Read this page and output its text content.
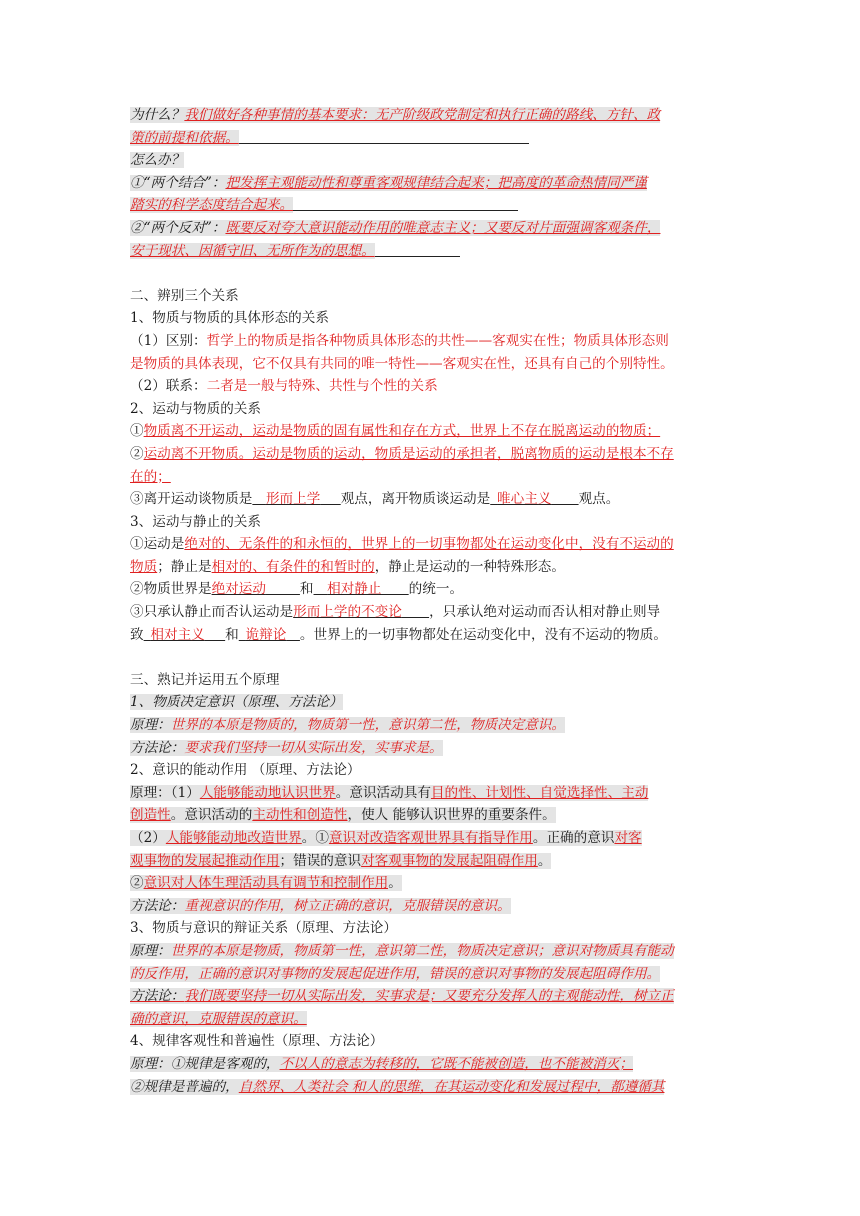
为什么？我们做好各种事情的基本要求：无产阶级政党制定和执行正确的路线、方针、政
策的前提和依据。
怎么办？
①“两个结合”：把发挥主观能动性和尊重客观规律结合起来；把高度的革命热情同严谨
踏实的科学态度结合起来。
②“两个反对”：既要反对夸大意识能动作用的唯意志主义；又要反对片面强调客观条件，
安于现状、因循守旧、无所作为的思想。
二、辨别三个关系
1、物质与物质的具体形态的关系
（1）区别：哲学上的物质是指各种物质具体形态的共性——客观实在性；物质具体形态则
是物质的具体表现，它不仅具有共同的唯一特性——客观实在性，还具有自己的个别特性。
（2）联系：二者是一般与特殊、共性与个性的关系
2、运动与物质的关系
①物质离不开运动，运动是物质的固有属性和存在方式，世界上不存在脱离运动的物质；
②运动离不开物质。运动是物质的运动，物质是运动的承担者，脱离物质的运动是根本不存
在的；
③离开运动谈物质是  形而上学   观点，离开物质谈运动是  唯心主义   观点。
3、运动与静止的关系
①运动是绝对的、无条件的和永恒的，世界上的一切事物都处在运动变化中，没有不运动的
物质；静止是相对的、有条件的和暂时的，静止是运动的一种特殊形态。
②物质世界是绝对运动    和  相对静止   的统一。
③只承认静止而否认运动是形而上学的不变论   ，只承认绝对运动而否认相对静止则导
致  相对主义   和  诡辩论  。世界上的一切事物都处在运动变化中，没有不运动的物质。
三、熟记并运用五个原理
1、物质决定意识（原理、方法论）
原理：世界的本原是物质的，物质第一性，意识第二性，物质决定意识。
方法论：要求我们坚持一切从实际出发，实事求是。
2、意识的能动作用 （原理、方法论）
原理：（1）人能够能动地认识世界。意识活动具有目的性、计划性、自觉选择性、主动
创造性。意识活动的主动性和创造性，使人 能够认识世界的重要条件。
（2）人能够能动地改造世界。①意识对改造客观世界具有指导作用。正确的意识对客
观事物的发展起推动作用；错误的意识对客观事物的发展起阻碍作用。
②意识对人体生理活动具有调节和控制作用。
方法论：重视意识的作用，树立正确的意识，克服错误的意识。
3、物质与意识的辩证关系（原理、方法论）
原理：世界的本原是物质，物质第一性，意识第二性，物质决定意识；意识对物质具有能动
的反作用，正确的意识对事物的发展起促进作用，错误的意识对事物的发展起阻碍作用。
方法论：我们既要坚持一切从实际出发，实事求是；又要充分发挥人的主观能动性，树立正
确的意识，克服错误的意识。
4、规律客观性和普遍性（原理、方法论）
原理：①规律是客观的，不以人的意志为转移的，它既不能被创造，也不能被消灭；
②规律是普遍的，自然界、人类社会 和人的思维，在其运动变化和发展过程中，都遵循其
